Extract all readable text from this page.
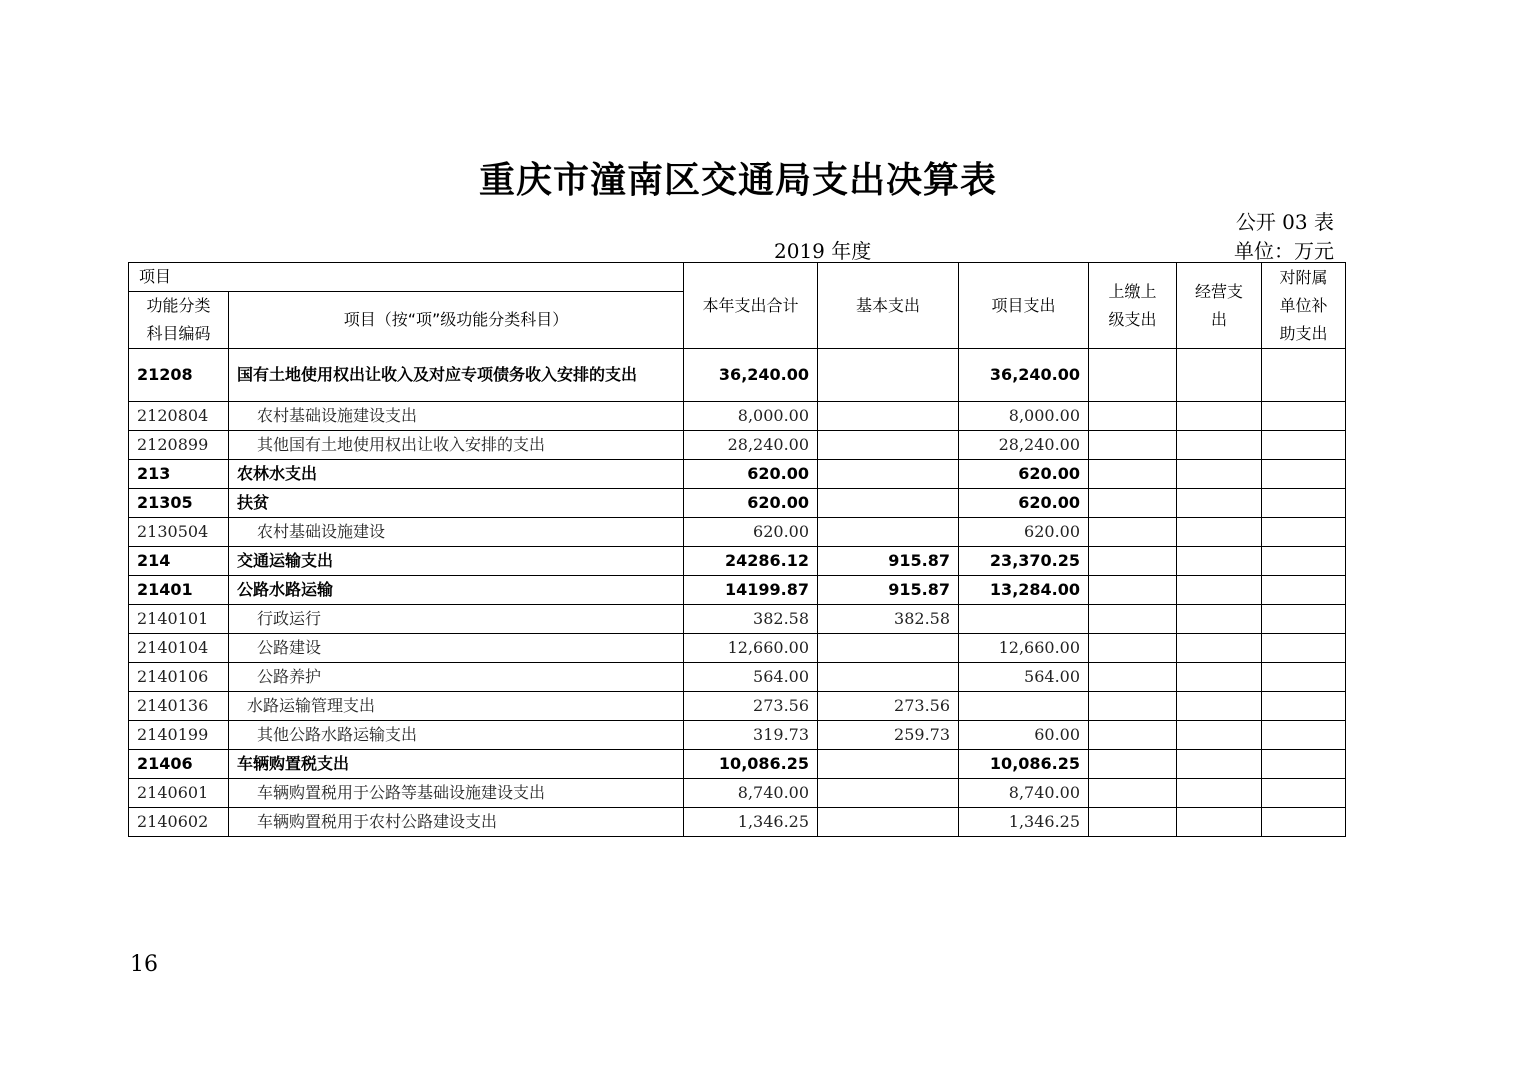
重庆市潼南区交通局支出决算表
公开 03 表
2019 年度	单位：万元
项目		本年支出合计	基本支出	项目支出	上缴上级支出	经营支出	对附属单位补助支出

功能分类科目编码	项目（按“项”级功能分类科目）						
21208	国有土地使用权出让收入及对应专项债务收入安排的支出	36,240.00		36,240.00			
2120804	农村基础设施建设支出	8,000.00		8,000.00			
2120899	其他国有土地使用权出让收入安排的支出	28,240.00		28,240.00			
213	农林水支出	620.00		620.00			
21305	扶贫	620.00		620.00			
2130504	农村基础设施建设	620.00		620.00			
214	交通运输支出	24286.12	915.87	23,370.25			
21401	公路水路运输	14199.87	915.87	13,284.00			
2140101	行政运行	382.58	382.58				
2140104	公路建设	12,660.00		12,660.00			
2140106	公路养护	564.00		564.00			
2140136	水路运输管理支出	273.56	273.56				
2140199	其他公路水路运输支出	319.73	259.73	60.00			
21406	车辆购置税支出	10,086.25		10,086.25			
2140601	车辆购置税用于公路等基础设施建设支出	8,740.00		8,740.00			
2140602	车辆购置税用于农村公路建设支出	1,346.25		1,346.25			
16
